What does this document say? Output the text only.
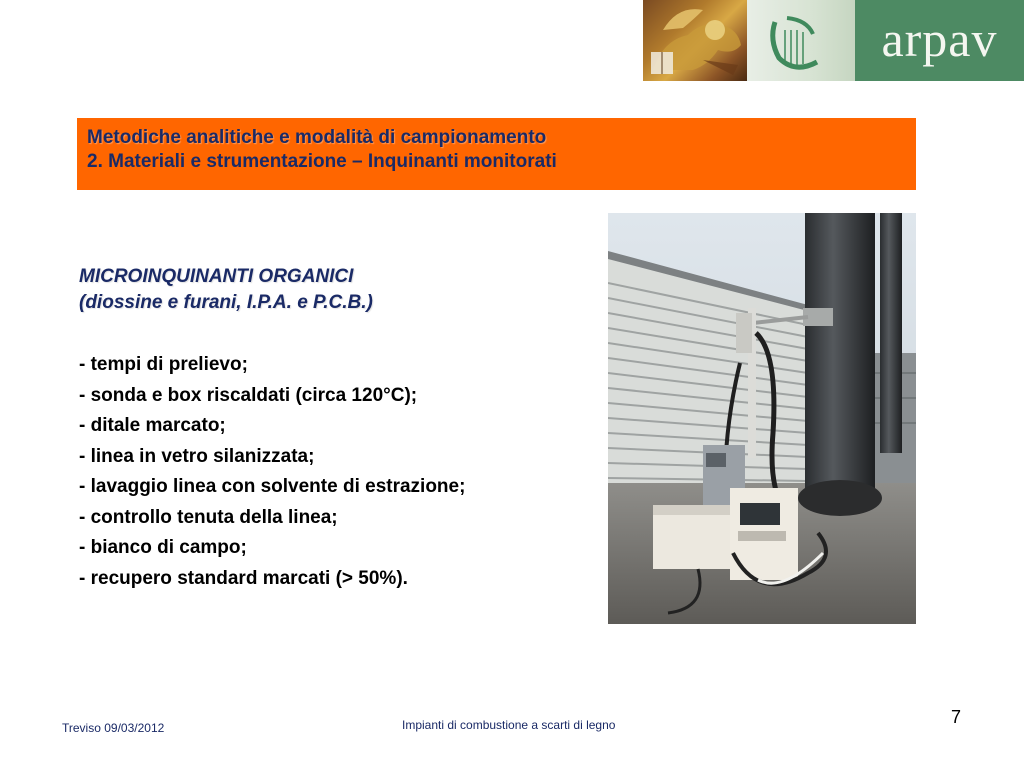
arpav
Metodiche analitiche e modalità di campionamento
2. Materiali e strumentazione – Inquinanti monitorati
MICROINQUINANTI ORGANICI
(diossine e furani, I.P.A. e P.C.B.)
- tempi di prelievo;
- sonda e box riscaldati (circa 120°C);
- ditale marcato;
- linea in vetro silanizzata;
- lavaggio linea con solvente di estrazione;
- controllo tenuta della linea;
- bianco di campo;
- recupero standard marcati (> 50%).
Treviso 09/03/2012	Impianti di combustione a scarti di legno	7
